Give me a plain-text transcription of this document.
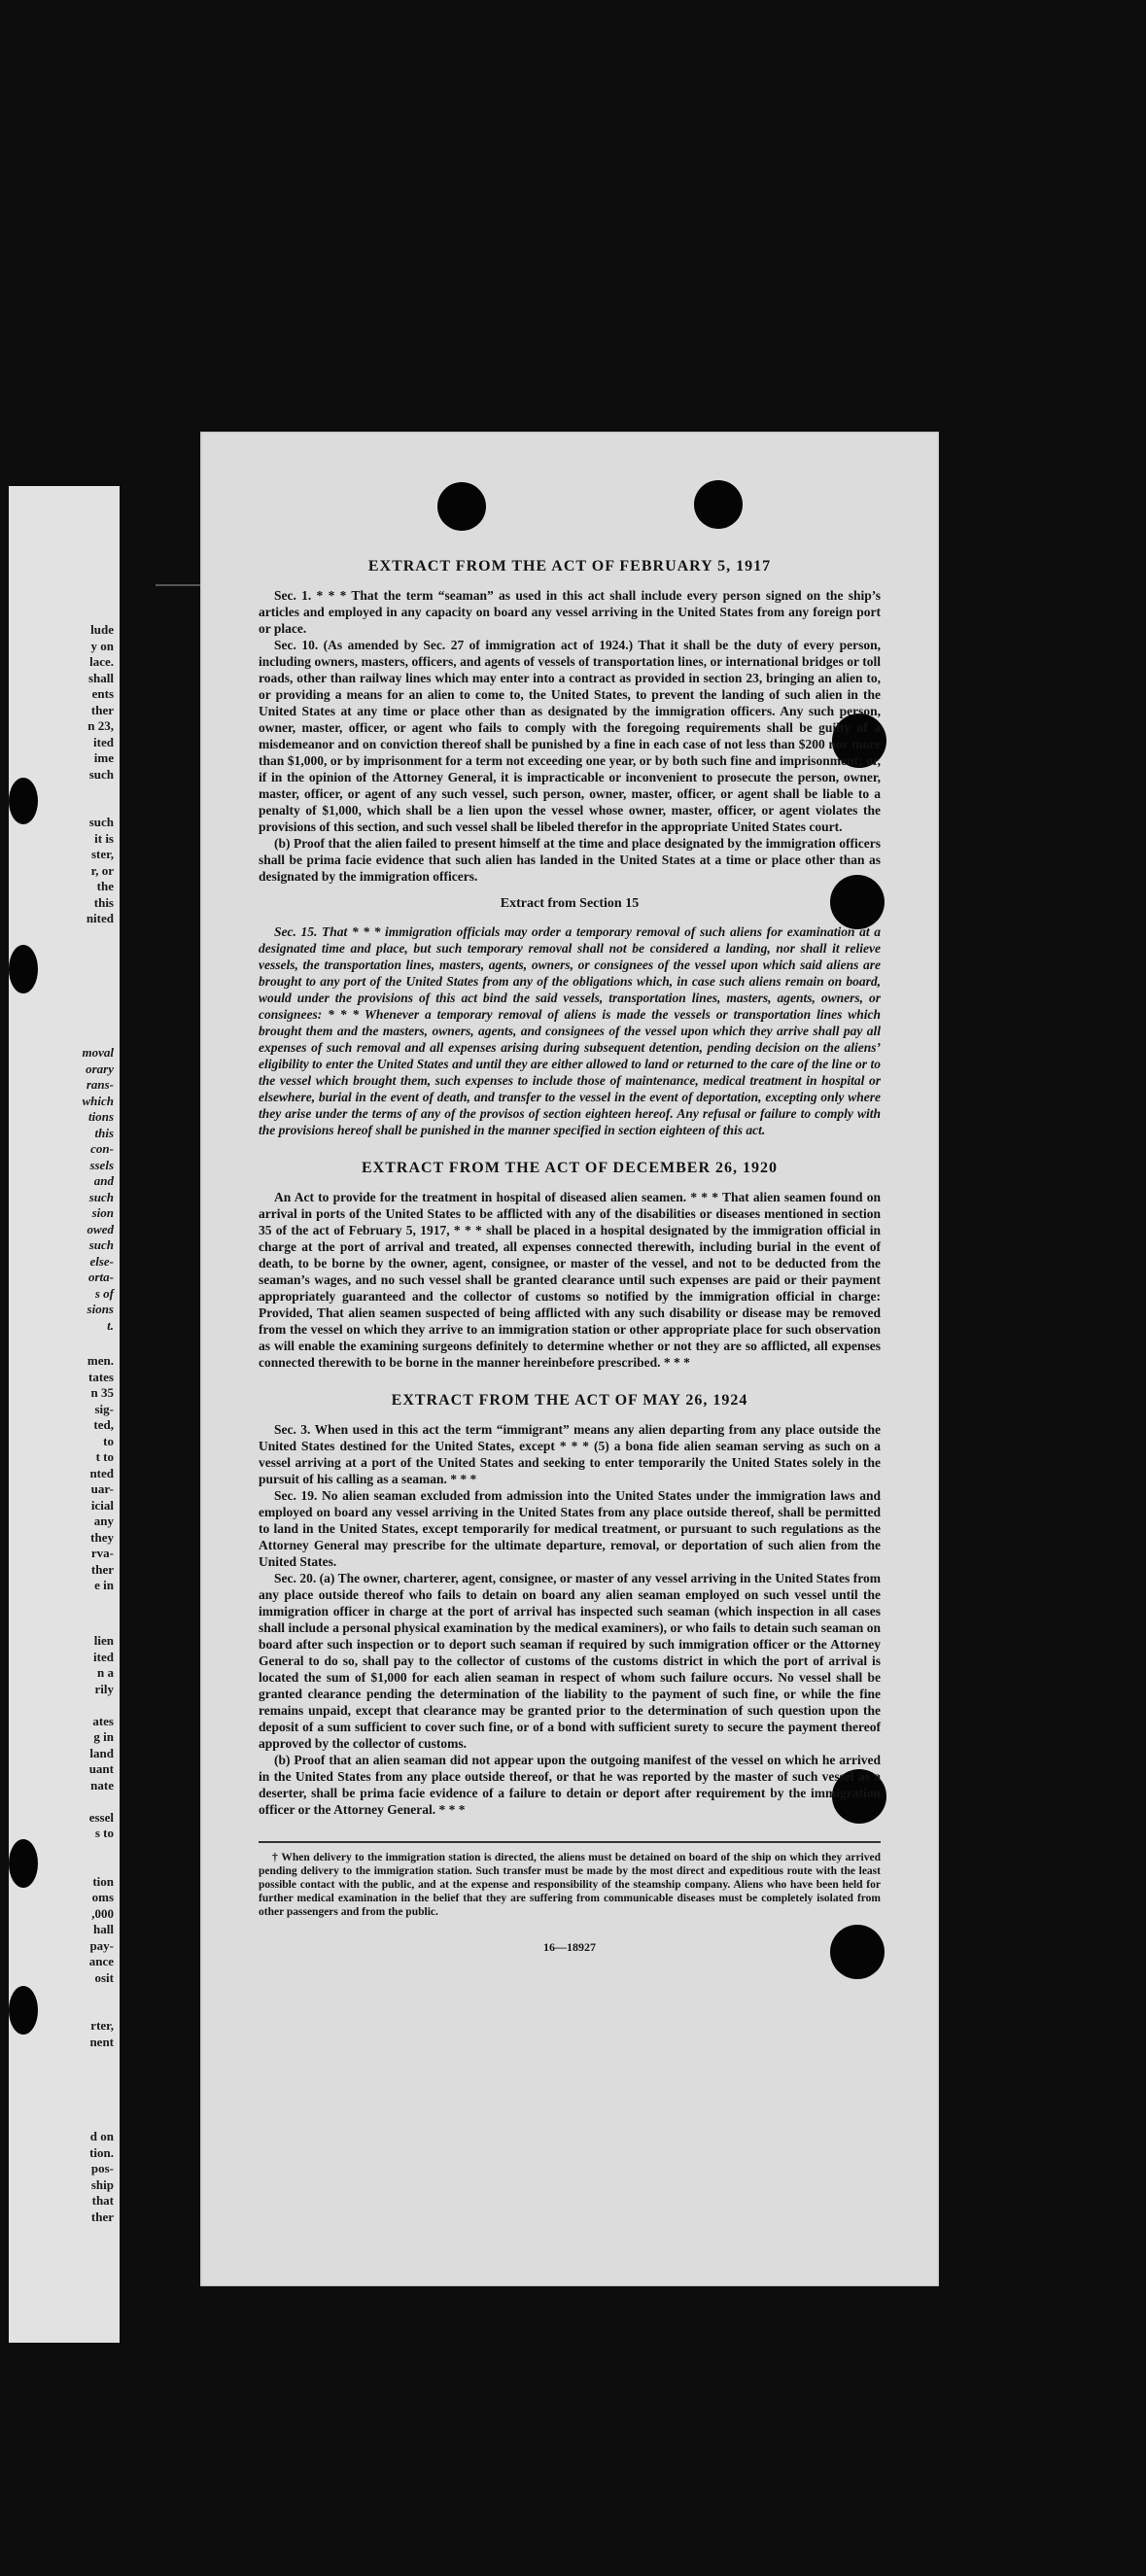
lude
y on
lace.
shall
ents
ther
n 23,
ited
ime
such

such
it is
ster,
r, or
the
this
nited
moval
orary
rans-
which
tions
this
con-
ssels
and
such
sion
owed
such
else-
orta-
s of
sions
t.
men.
tates
n 35
sig-
ted,
to
t to
nted
uar-
icial
any
they
rva-
ther
e in
lien
ited
n a
rily

ates
g in
land
uant
nate

essel
s to

tion
oms
,000
hall
pay-
ance
osit

rter,
nent
d on
tion.
pos-
ship
that
ther
EXTRACT FROM THE ACT OF FEBRUARY 5, 1917

Sec. 1. * * * That the term “seaman” as used in this act shall include every person signed on the ship’s articles and employed in any capacity on board any vessel arriving in the United States from any foreign port or place.

Sec. 10. (As amended by Sec. 27 of immigration act of 1924.) That it shall be the duty of every person, including owners, masters, officers, and agents of vessels of transportation lines, or international bridges or toll roads, other than railway lines which may enter into a contract as provided in section 23, bringing an alien to, or providing a means for an alien to come to, the United States, to prevent the landing of such alien in the United States at any time or place other than as designated by the immigration officers. Any such person, owner, master, officer, or agent who fails to comply with the foregoing requirements shall be guilty of a misdemeanor and on conviction thereof shall be punished by a fine in each case of not less than $200 nor more than $1,000, or by imprisonment for a term not exceeding one year, or by both such fine and imprisonment; or, if in the opinion of the Attorney General, it is impracticable or inconvenient to prosecute the person, owner, master, officer, or agent of any such vessel, such person, owner, master, officer, or agent shall be liable to a penalty of $1,000, which shall be a lien upon the vessel whose owner, master, officer, or agent violates the provisions of this section, and such vessel shall be libeled therefor in the appropriate United States court.

(b) Proof that the alien failed to present himself at the time and place designated by the immigration officers shall be prima facie evidence that such alien has landed in the United States at a time or place other than as designated by the immigration officers.

Extract from Section 15

Sec. 15. That * * * immigration officials may order a temporary removal of such aliens for examination at a designated time and place, but such temporary removal shall not be considered a landing, nor shall it relieve vessels, the transportation lines, masters, agents, owners, or consignees of the vessel upon which said aliens are brought to any port of the United States from any of the obligations which, in case such aliens remain on board, would under the provisions of this act bind the said vessels, transportation lines, masters, agents, owners, or consignees: * * * Whenever a temporary removal of aliens is made the vessels or transportation lines which brought them and the masters, owners, agents, and consignees of the vessel upon which they arrive shall pay all expenses of such removal and all expenses arising during subsequent detention, pending decision on the aliens’ eligibility to enter the United States and until they are either allowed to land or returned to the care of the line or to the vessel which brought them, such expenses to include those of maintenance, medical treatment in hospital or elsewhere, burial in the event of death, and transfer to the vessel in the event of deportation, excepting only where they arise under the terms of any of the provisos of section eighteen hereof. Any refusal or failure to comply with the provisions hereof shall be punished in the manner specified in section eighteen of this act.

EXTRACT FROM THE ACT OF DECEMBER 26, 1920

An Act to provide for the treatment in hospital of diseased alien seamen. * * * That alien seamen found on arrival in ports of the United States to be afflicted with any of the disabilities or diseases mentioned in section 35 of the act of February 5, 1917, * * * shall be placed in a hospital designated by the immigration official in charge at the port of arrival and treated, all expenses connected therewith, including burial in the event of death, to be borne by the owner, agent, consignee, or master of the vessel, and not to be deducted from the seaman’s wages, and no such vessel shall be granted clearance until such expenses are paid or their payment appropriately guaranteed and the collector of customs so notified by the immigration official in charge: Provided, That alien seamen suspected of being afflicted with any such disability or disease may be removed from the vessel on which they arrive to an immigration station or other appropriate place for such observation as will enable the examining surgeons definitely to determine whether or not they are so afflicted, all expenses connected therewith to be borne in the manner hereinbefore prescribed. * * *

EXTRACT FROM THE ACT OF MAY 26, 1924

Sec. 3. When used in this act the term “immigrant” means any alien departing from any place outside the United States destined for the United States, except * * * (5) a bona fide alien seaman serving as such on a vessel arriving at a port of the United States and seeking to enter temporarily the United States solely in the pursuit of his calling as a seaman. * * *

Sec. 19. No alien seaman excluded from admission into the United States under the immigration laws and employed on board any vessel arriving in the United States from any place outside thereof, shall be permitted to land in the United States, except temporarily for medical treatment, or pursuant to such regulations as the Attorney General may prescribe for the ultimate departure, removal, or deportation of such alien from the United States.

Sec. 20. (a) The owner, charterer, agent, consignee, or master of any vessel arriving in the United States from any place outside thereof who fails to detain on board any alien seaman employed on such vessel until the immigration officer in charge at the port of arrival has inspected such seaman (which inspection in all cases shall include a personal physical examination by the medical examiners), or who fails to detain such seaman on board after such inspection or to deport such seaman if required by such immigration officer or the Attorney General to do so, shall pay to the collector of customs of the customs district in which the port of arrival is located the sum of $1,000 for each alien seaman in respect of whom such failure occurs. No vessel shall be granted clearance pending the determination of the liability to the payment of such fine, or while the fine remains unpaid, except that clearance may be granted prior to the determination of such question upon the deposit of a sum sufficient to cover such fine, or of a bond with sufficient surety to secure the payment thereof approved by the collector of customs.

(b) Proof that an alien seaman did not appear upon the outgoing manifest of the vessel on which he arrived in the United States from any place outside thereof, or that he was reported by the master of such vessel as a deserter, shall be prima facie evidence of a failure to detain or deport after requirement by the immigration officer or the Attorney General. * * *

† When delivery to the immigration station is directed, the aliens must be detained on board of the ship on which they arrived pending delivery to the immigration station. Such transfer must be made by the most direct and expeditious route with the least possible contact with the public, and at the expense and responsibility of the steamship company. Aliens who have been held for further medical examination in the belief that they are suffering from communicable diseases must be completely isolated from other passengers and from the public.

16—18927
